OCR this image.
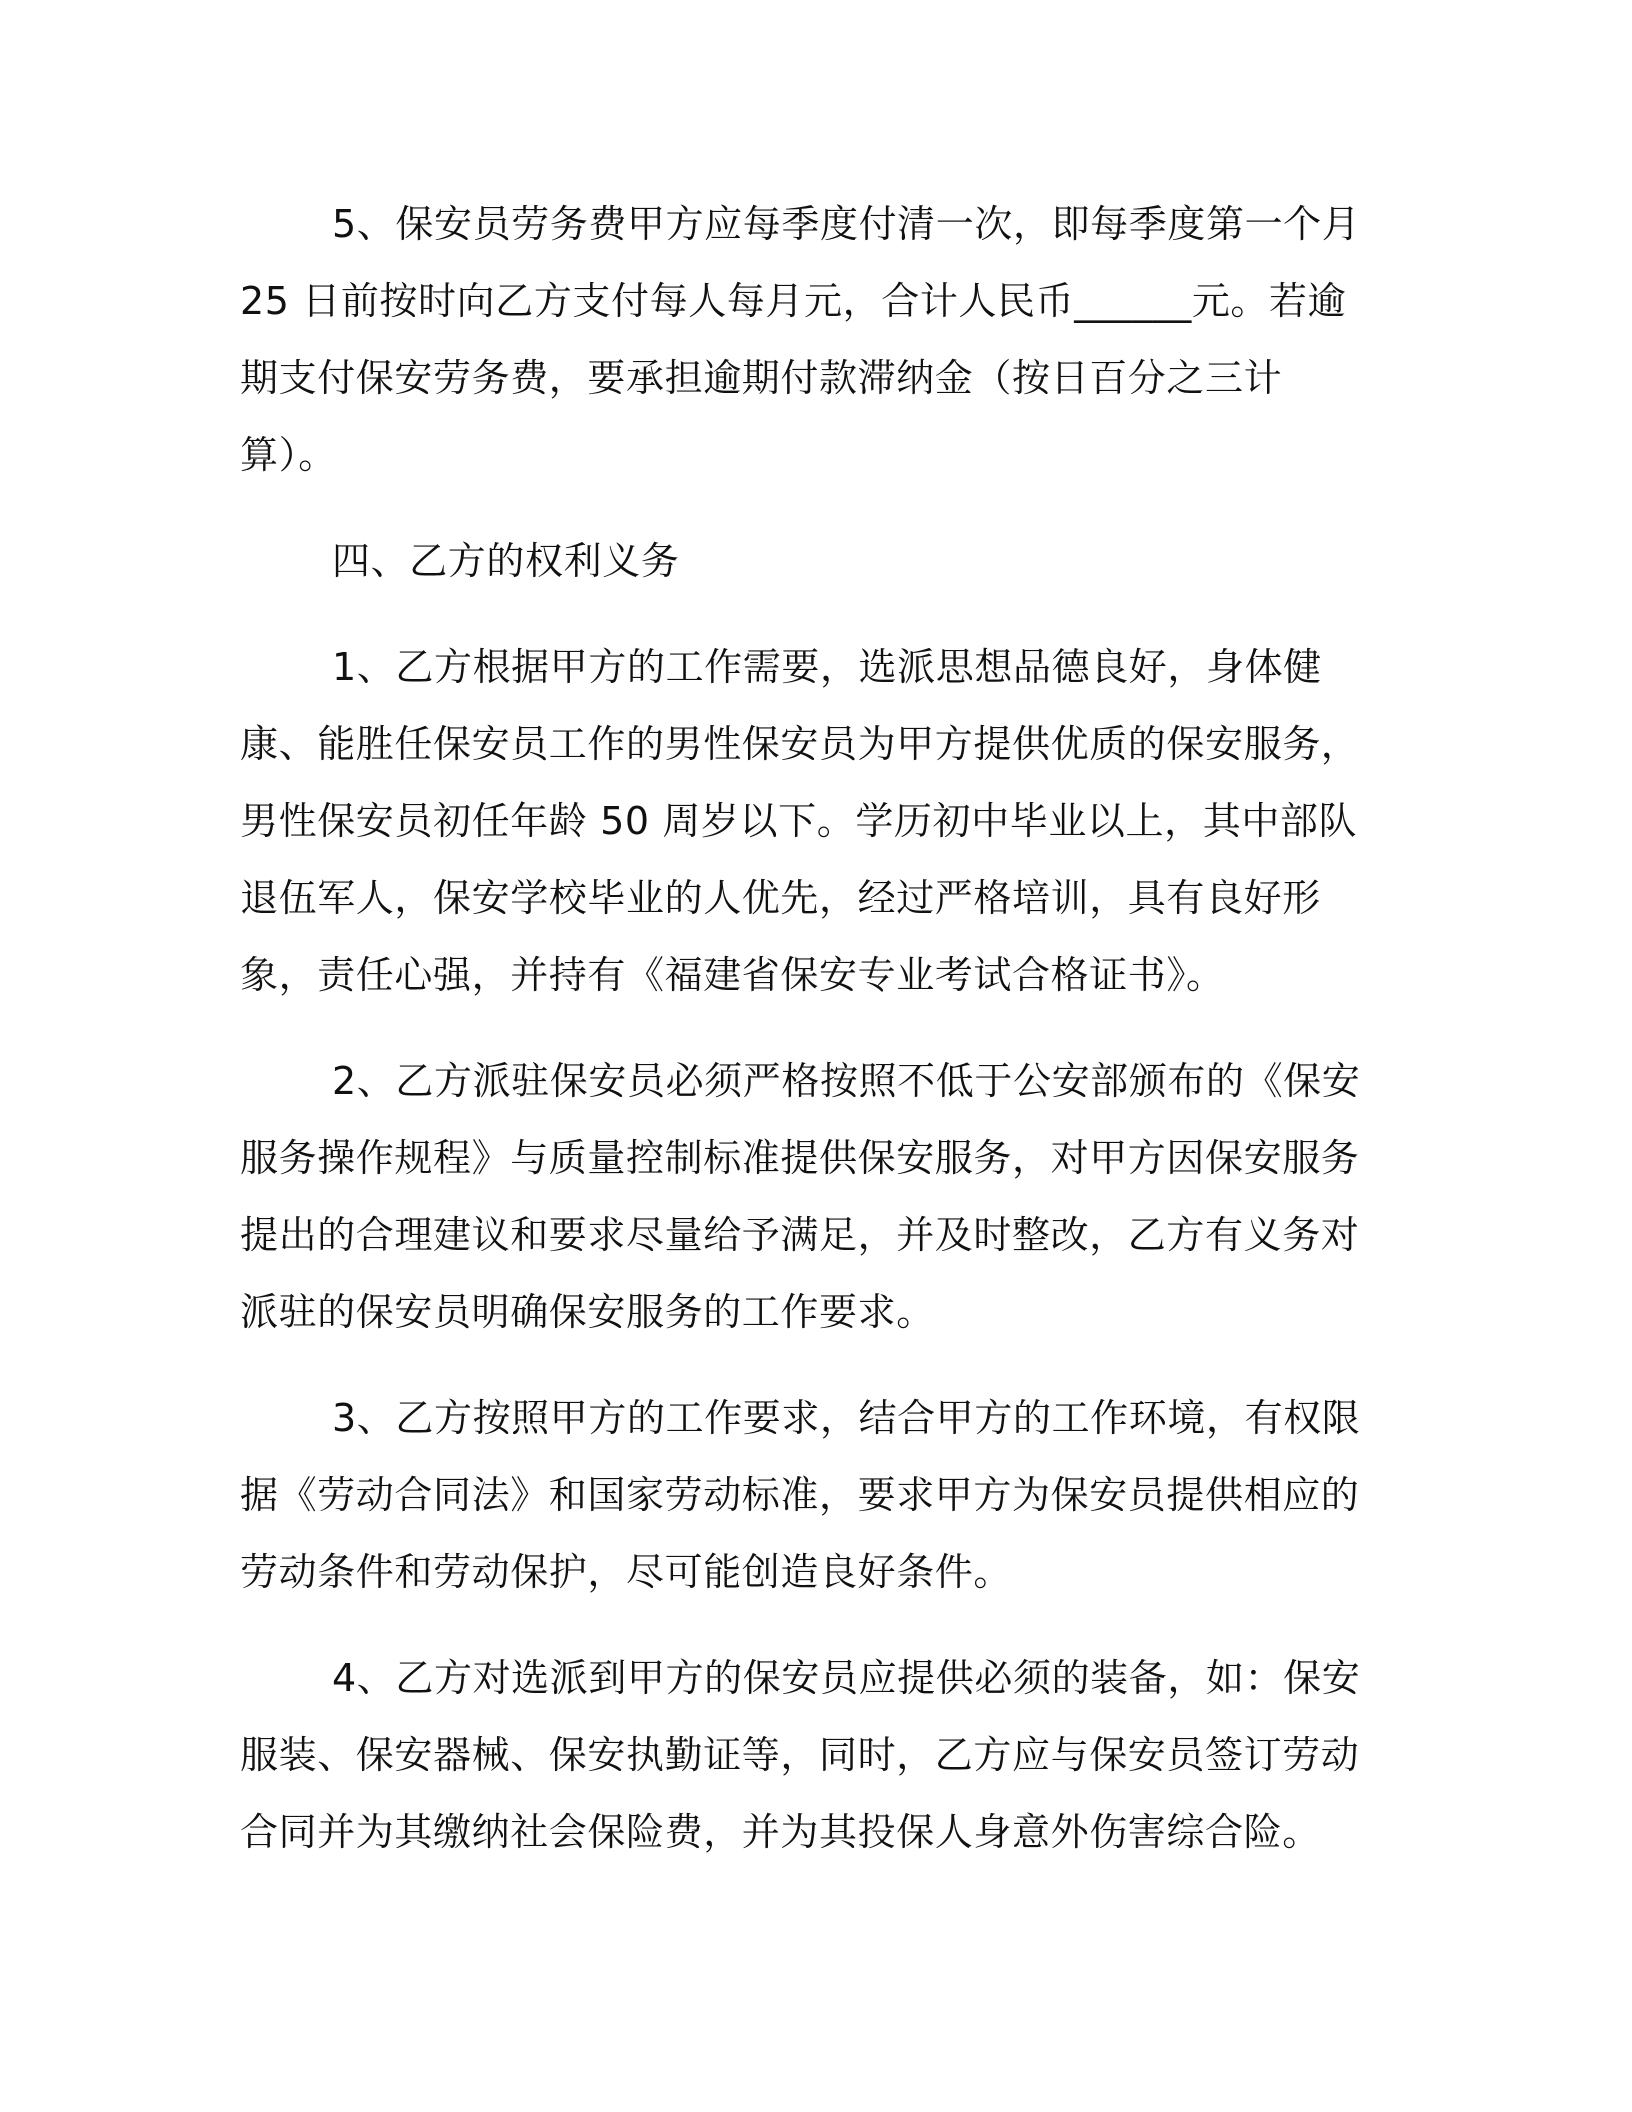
5、保安员劳务费甲方应每季度付清一次，即每季度第一个月 25 日前按时向乙方支付每人每月元，合计人民币______元。若逾期支付保安劳务费，要承担逾期付款滞纳金（按日百分之三计算）。

四、乙方的权利义务

1、乙方根据甲方的工作需要，选派思想品德良好，身体健康、能胜任保安员工作的男性保安员为甲方提供优质的保安服务，男性保安员初任年龄 50 周岁以下。学历初中毕业以上，其中部队退伍军人，保安学校毕业的人优先，经过严格培训，具有良好形象，责任心强，并持有《福建省保安专业考试合格证书》。

2、乙方派驻保安员必须严格按照不低于公安部颁布的《保安服务操作规程》与质量控制标准提供保安服务，对甲方因保安服务提出的合理建议和要求尽量给予满足，并及时整改，乙方有义务对派驻的保安员明确保安服务的工作要求。

3、乙方按照甲方的工作要求，结合甲方的工作环境，有权限据《劳动合同法》和国家劳动标准，要求甲方为保安员提供相应的劳动条件和劳动保护，尽可能创造良好条件。

4、乙方对选派到甲方的保安员应提供必须的装备，如：保安服装、保安器械、保安执勤证等，同时，乙方应与保安员签订劳动合同并为其缴纳社会保险费，并为其投保人身意外伤害综合险。
